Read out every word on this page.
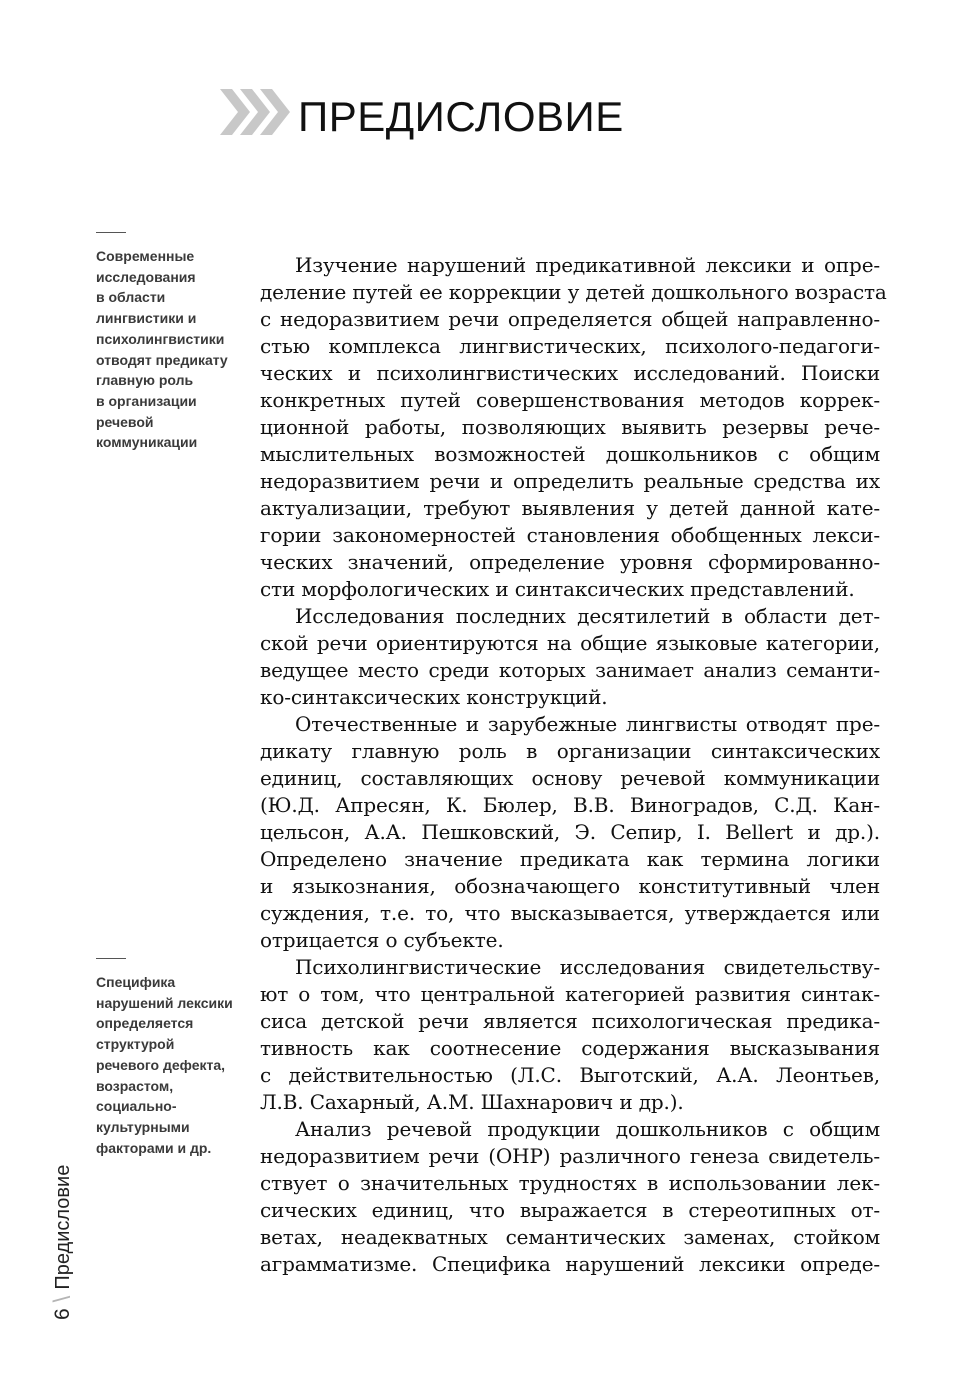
ПРЕДИСЛОВИЕ
Современные
исследования
в области
лингвистики и
психолингвистики
отводят предикату
главную роль
в организации
речевой
коммуникации
Специфика
нарушений лексики
определяется
структурой
речевого дефекта,
возрастом,
социально-
культурными
факторами и др.
Изучение нарушений предикативной лексики и опре-
деление путей ее коррекции у детей дошкольного возраста
с недоразвитием речи определяется общей направленно-
стью комплекса лингвистических, психолого-педагоги-
ческих и психолингвистических исследований. Поиски
конкретных путей совершенствования методов коррек-
ционной работы, позволяющих выявить резервы рече-
мыслительных возможностей дошкольников с общим
недоразвитием речи и определить реальные средства их
актуализации, требуют выявления у детей данной кате-
гории закономерностей становления обобщенных лекси-
ческих значений, определение уровня сформированно-
сти морфологических и синтаксических представлений.
Исследования последних десятилетий в области дет-
ской речи ориентируются на общие языковые категории,
ведущее место среди которых занимает анализ семанти-
ко-синтаксических конструкций.
Отечественные и зарубежные лингвисты отводят пре-
дикату главную роль в организации синтаксических
единиц, составляющих основу речевой коммуникации
(Ю.Д. Апресян, К. Бюлер, В.В. Виноградов, С.Д. Кан-
цельсон, А.А. Пешковский, Э. Сепир, I. Bellert и др.).
Определено значение предиката как термина логики
и языкознания, обозначающего конститутивный член
суждения, т.е. то, что высказывается, утверждается или
отрицается о субъекте.
Психолингвистические исследования свидетельству-
ют о том, что центральной категорией развития синтак-
сиса детской речи является психологическая предика-
тивность как соотнесение содержания высказывания
с действительностью (Л.С. Выготский, А.А. Леонтьев,
Л.В. Сахарный, А.М. Шахнарович и др.).
Анализ речевой продукции дошкольников с общим
недоразвитием речи (ОНР) различного генеза свидетель-
ствует о значительных трудностях в использовании лек-
сических единиц, что выражается в стереотипных от-
ветах, неадекватных семантических заменах, стойком
аграмматизме. Специфика нарушений лексики опреде-
6
\
Предисловие
